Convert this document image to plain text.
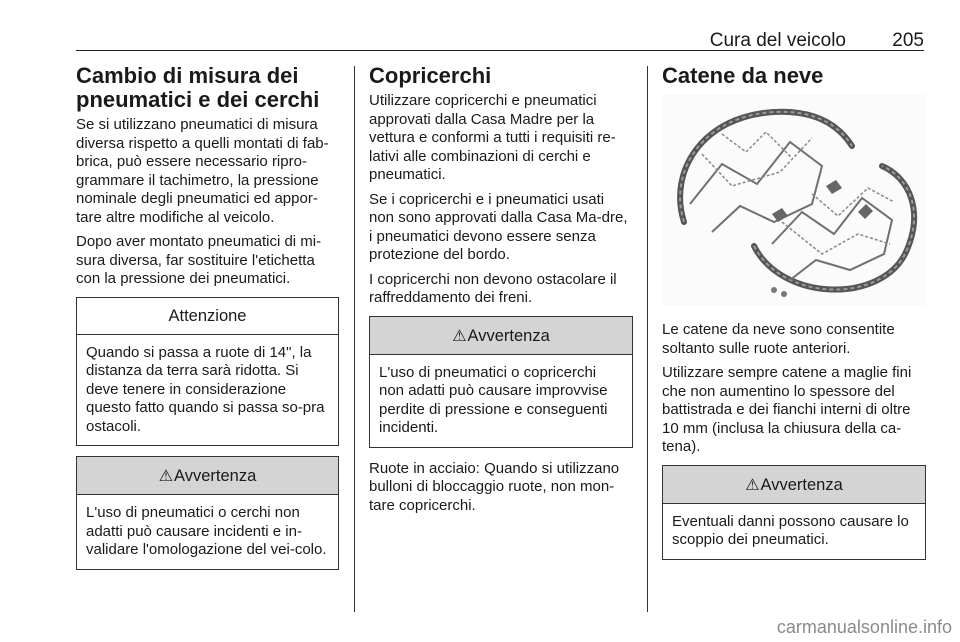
Cura del veicolo 205
Cambio di misura dei pneumatici e dei cerchi

Se si utilizzano pneumatici di misura diversa rispetto a quelli montati di fab-brica, può essere necessario ripro-grammare il tachimetro, la pressione nominale degli pneumatici ed appor-tare altre modifiche al veicolo.

Dopo aver montato pneumatici di mi-sura diversa, far sostituire l'etichetta con la pressione dei pneumatici.

Attenzione
Quando si passa a ruote di 14", la distanza da terra sarà ridotta. Si deve tenere in considerazione questo fatto quando si passa so-pra ostacoli.
⚠Avvertenza
L'uso di pneumatici o cerchi non adatti può causare incidenti e in-validare l'omologazione del vei-colo.
Copricerchi

Utilizzare copricerchi e pneumatici approvati dalla Casa Madre per la vettura e conformi a tutti i requisiti re-lativi alle combinazioni di cerchi e pneumatici.

Se i copricerchi e i pneumatici usati non sono approvati dalla Casa Ma-dre, i pneumatici devono essere senza protezione del bordo.

I copricerchi non devono ostacolare il raffreddamento dei freni.

⚠Avvertenza
L'uso di pneumatici o copricerchi non adatti può causare improvvise perdite di pressione e conseguenti incidenti.

Ruote in acciaio: Quando si utilizzano bulloni di bloccaggio ruote, non mon-tare copricerchi.

Catene da neve

Le catene da neve sono consentite soltanto sulle ruote anteriori.

Utilizzare sempre catene a maglie fini che non aumentino lo spessore del battistrada e dei fianchi interni di oltre 10 mm (inclusa la chiusura della ca-tena).

⚠Avvertenza
Eventuali danni possono causare lo scoppio dei pneumatici.
carmanualsonline.info
